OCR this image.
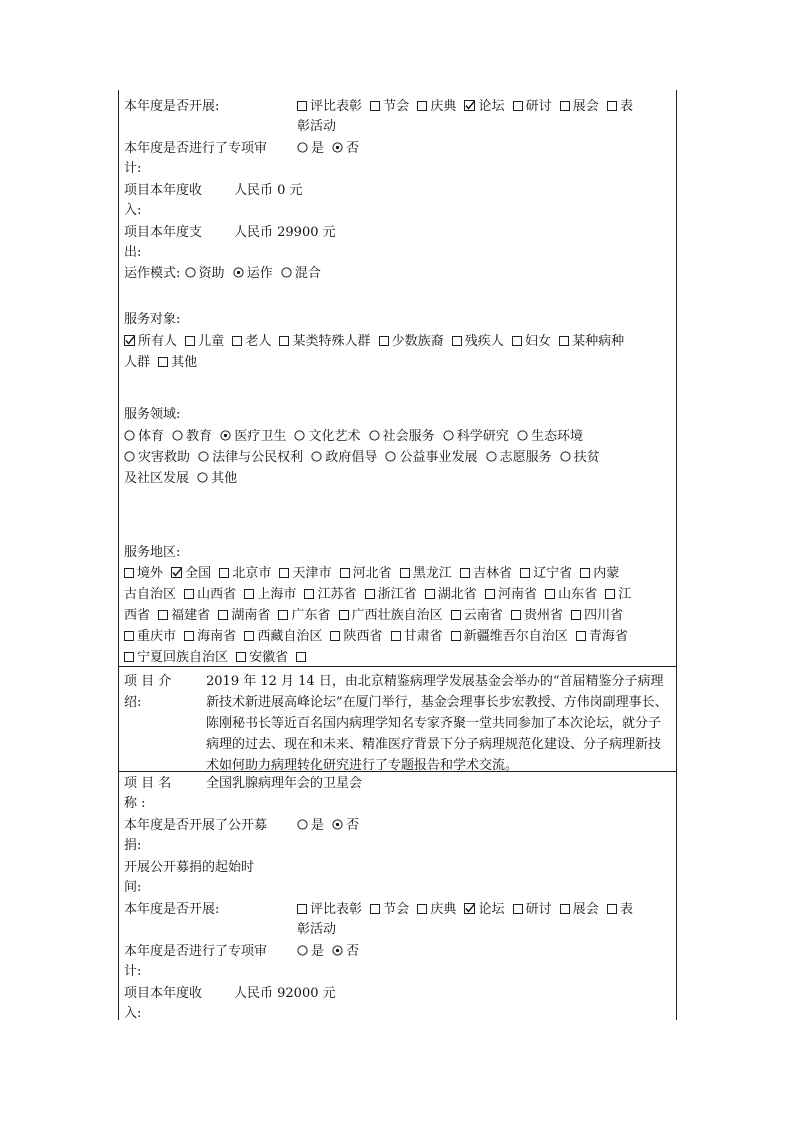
本年度是否开展:	评比表彰 节会 庆典 论坛 研讨 展会 表
彰活动
本年度是否进行了专项审
计:
是 否
项目本年度收
入:
人民币 0 元
项目本年度支
出:
人民币 29900 元
运作模式: 资助 运作 混合
服务对象:
所有人 儿童 老人 某类特殊人群 少数族裔 残疾人 妇女 某种病种
人群 其他
服务领域:
体育 教育 医疗卫生 文化艺术 社会服务 科学研究 生态环境
灾害救助 法律与公民权利 政府倡导 公益事业发展 志愿服务 扶贫
及社区发展 其他
服务地区:
境外 全国 北京市 天津市 河北省 黑龙江 吉林省 辽宁省 内蒙
古自治区 山西省 上海市 江苏省 浙江省 湖北省 河南省 山东省 江
西省 福建省 湖南省 广东省 广西壮族自治区 云南省 贵州省 四川省
重庆市 海南省 西藏自治区 陕西省 甘肃省 新疆维吾尔自治区 青海省
宁夏回族自治区 安徽省
项 目 介
绍:
2019 年 12 月 14 日，由北京精鉴病理学发展基金会举办的“首届精鉴分子病理新技术新进展高峰论坛”在厦门举行，基金会理事长步宏教授、方伟岗副理事长、陈刚秘书长等近百名国内病理学知名专家齐聚一堂共同参加了本次论坛，就分子病理的过去、现在和未来、精准医疗背景下分子病理规范化建设、分子病理新技术如何助力病理转化研究进行了专题报告和学术交流。
项 目 名
称 :
全国乳腺病理年会的卫星会
本年度是否开展了公开募
捐:
是 否
开展公开募捐的起始时
间:
本年度是否开展:	评比表彰 节会 庆典 论坛 研讨 展会 表
彰活动
本年度是否进行了专项审
计:
是 否
项目本年度收
入:
人民币 92000 元
